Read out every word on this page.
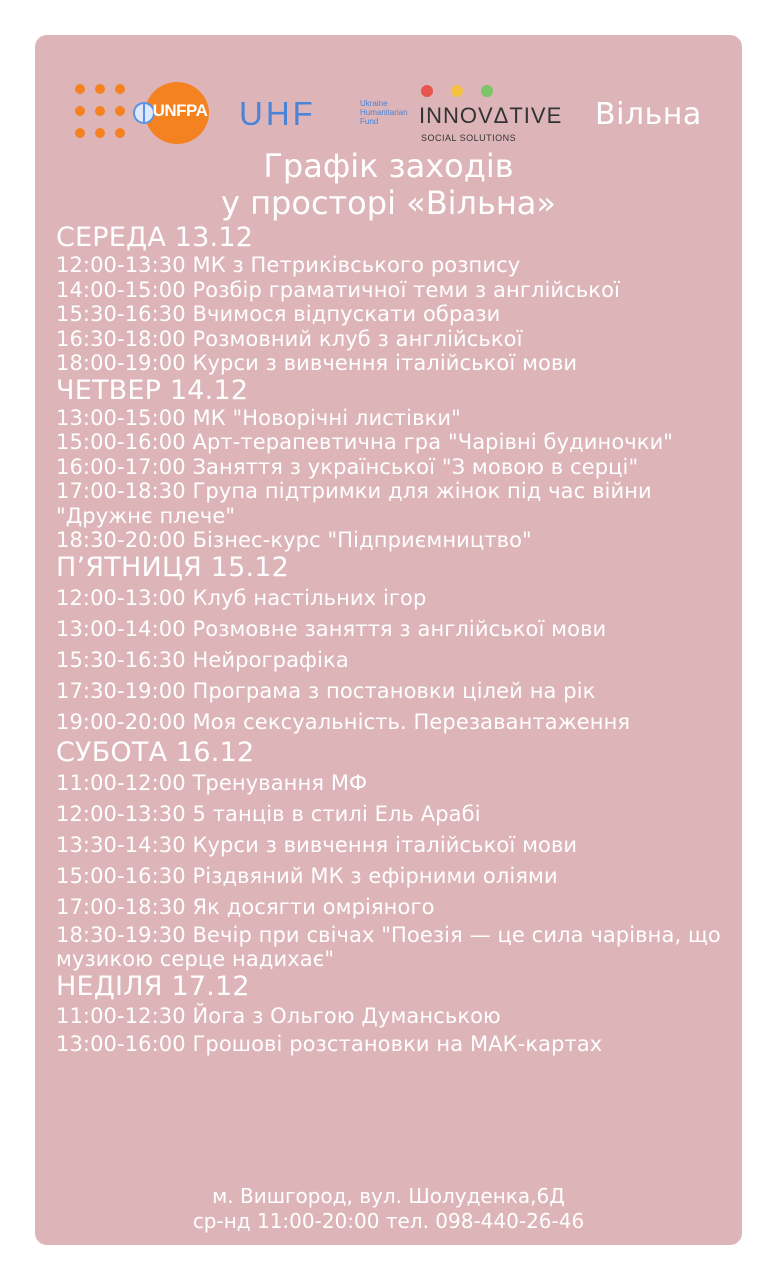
UNFPA UHF	Ukraine Humanitarian Fund	INNOVΔTIVE
SOCIAL SOLUTIONS
Вільна
Графік заходів
у просторі «Вільна»
СЕРЕДА 13.12
12:00-13:30 МК з Петриківського розпису
14:00-15:00 Розбір граматичної теми з англійської
15:30-16:30 Вчимося відпускати образи
16:30-18:00 Розмовний клуб з англійської
18:00-19:00 Курси з вивчення італійської мови
ЧЕТВЕР 14.12
13:00-15:00 МК "Новорічні листівки"
15:00-16:00 Арт-терапевтична гра "Чарівні будиночки"
16:00-17:00 Заняття з української "З мовою в серці"
17:00-18:30 Група підтримки для жінок під час війни "Дружнє плече"
18:30-20:00 Бізнес-курс "Підприємництво"
П’ЯТНИЦЯ 15.12
12:00-13:00 Клуб настільних ігор
13:00-14:00 Розмовне заняття з англійської мови
15:30-16:30 Нейрографіка
17:30-19:00 Програма з постановки цілей на рік
19:00-20:00 Моя сексуальність. Перезавантаження
СУБОТА 16.12
11:00-12:00 Тренування МФ
12:00-13:30 5 танців в стилі Ель Арабі
13:30-14:30 Курси з вивчення італійської мови
15:00-16:30 Різдвяний МК з ефірними оліями
17:00-18:30 Як досягти омріяного
18:30-19:30 Вечір при свічах "Поезія — це сила чарівна, що музикою серце надихає"
НЕДІЛЯ 17.12
11:00-12:30 Йога з Ольгою Думанською
13:00-16:00 Грошові розстановки на МАК-картах
м. Вишгород, вул. Шолуденка,6Д
ср-нд 11:00-20:00 тел. 098-440-26-46
